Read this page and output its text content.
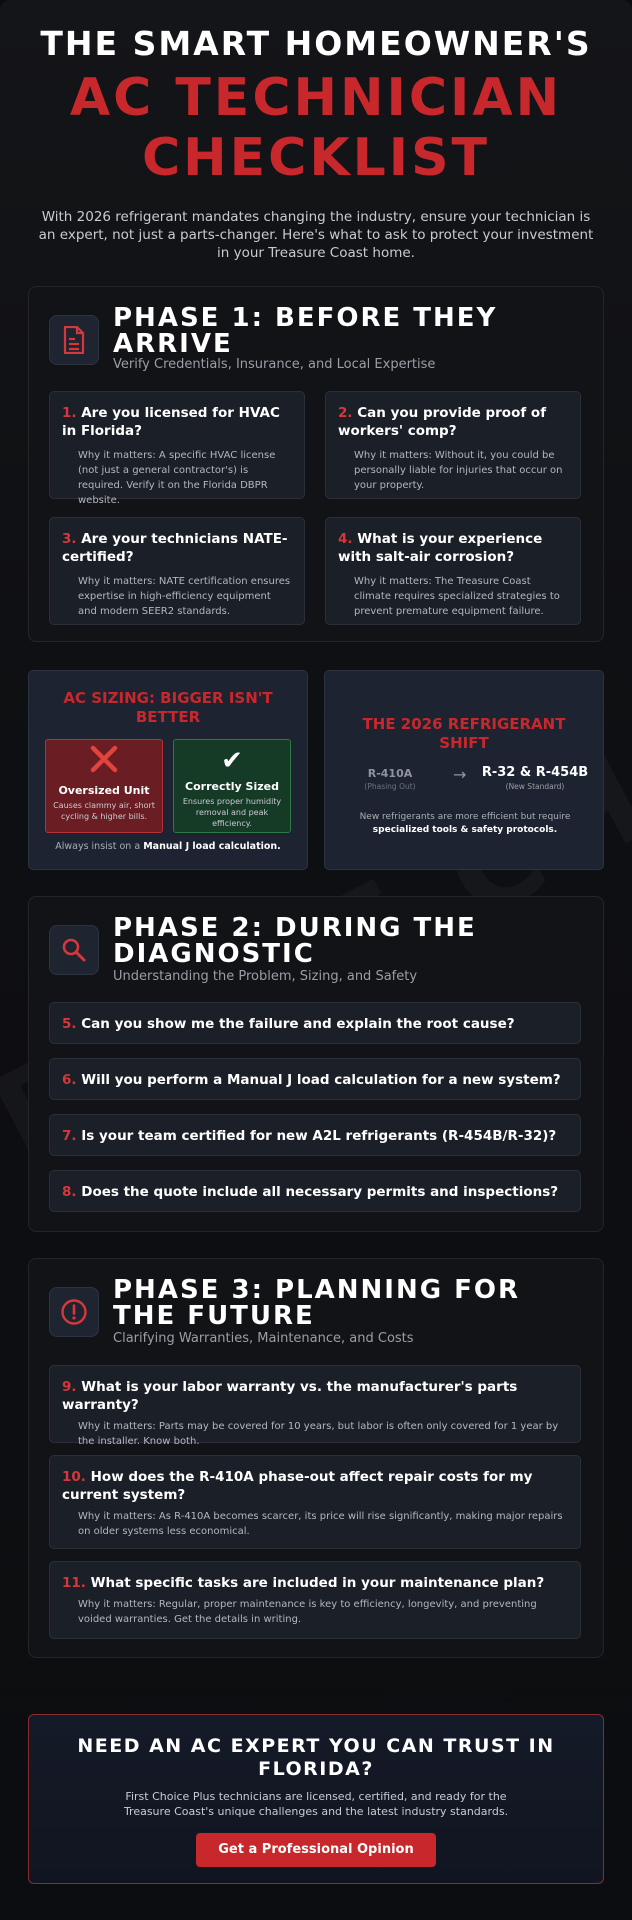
THE SMART HOMEOWNER'S
AC TECHNICIAN
CHECKLIST
With 2026 refrigerant mandates changing the industry, ensure your technician is an expert, not just a parts-changer. Here's what to ask to protect your investment in your Treasure Coast home.
PHASE 1: BEFORE THEY ARRIVE
Verify Credentials, Insurance, and Local Expertise
1. Are you licensed for HVAC in Florida?
Why it matters: A specific HVAC license (not just a general contractor's) is required. Verify it on the Florida DBPR website.
2. Can you provide proof of workers' comp?
Why it matters: Without it, you could be personally liable for injuries that occur on your property.
3. Are your technicians NATE-certified?
Why it matters: NATE certification ensures expertise in high-efficiency equipment and modern SEER2 standards.
4. What is your experience with salt-air corrosion?
Why it matters: The Treasure Coast climate requires specialized strategies to prevent premature equipment failure.
AC SIZING: BIGGER ISN'T BETTER
Oversized Unit
Causes clammy air, short cycling & higher bills.
✔
Correctly Sized
Ensures proper humidity removal and peak efficiency.
Always insist on a Manual J load calculation.
THE 2026 REFRIGERANT SHIFT
R-410A
(Phasing Out)
→	R-32 & R-454B
(New Standard)
New refrigerants are more efficient but require
specialized tools & safety protocols.
PHASE 2: DURING THE DIAGNOSTIC
Understanding the Problem, Sizing, and Safety
5. Can you show me the failure and explain the root cause?
6. Will you perform a Manual J load calculation for a new system?
7. Is your team certified for new A2L refrigerants (R-454B/R-32)?
8. Does the quote include all necessary permits and inspections?
PHASE 3: PLANNING FOR THE FUTURE
Clarifying Warranties, Maintenance, and Costs
9. What is your labor warranty vs. the manufacturer's parts warranty?
Why it matters: Parts may be covered for 10 years, but labor is often only covered for 1 year by the installer. Know both.
10. How does the R-410A phase-out affect repair costs for my current system?
Why it matters: As R-410A becomes scarcer, its price will rise significantly, making major repairs on older systems less economical.
11. What specific tasks are included in your maintenance plan?
Why it matters: Regular, proper maintenance is key to efficiency, longevity, and preventing voided warranties. Get the details in writing.
NEED AN AC EXPERT YOU CAN TRUST IN FLORIDA?
First Choice Plus technicians are licensed, certified, and ready for the Treasure Coast's unique challenges and the latest industry standards.
Get a Professional Opinion
